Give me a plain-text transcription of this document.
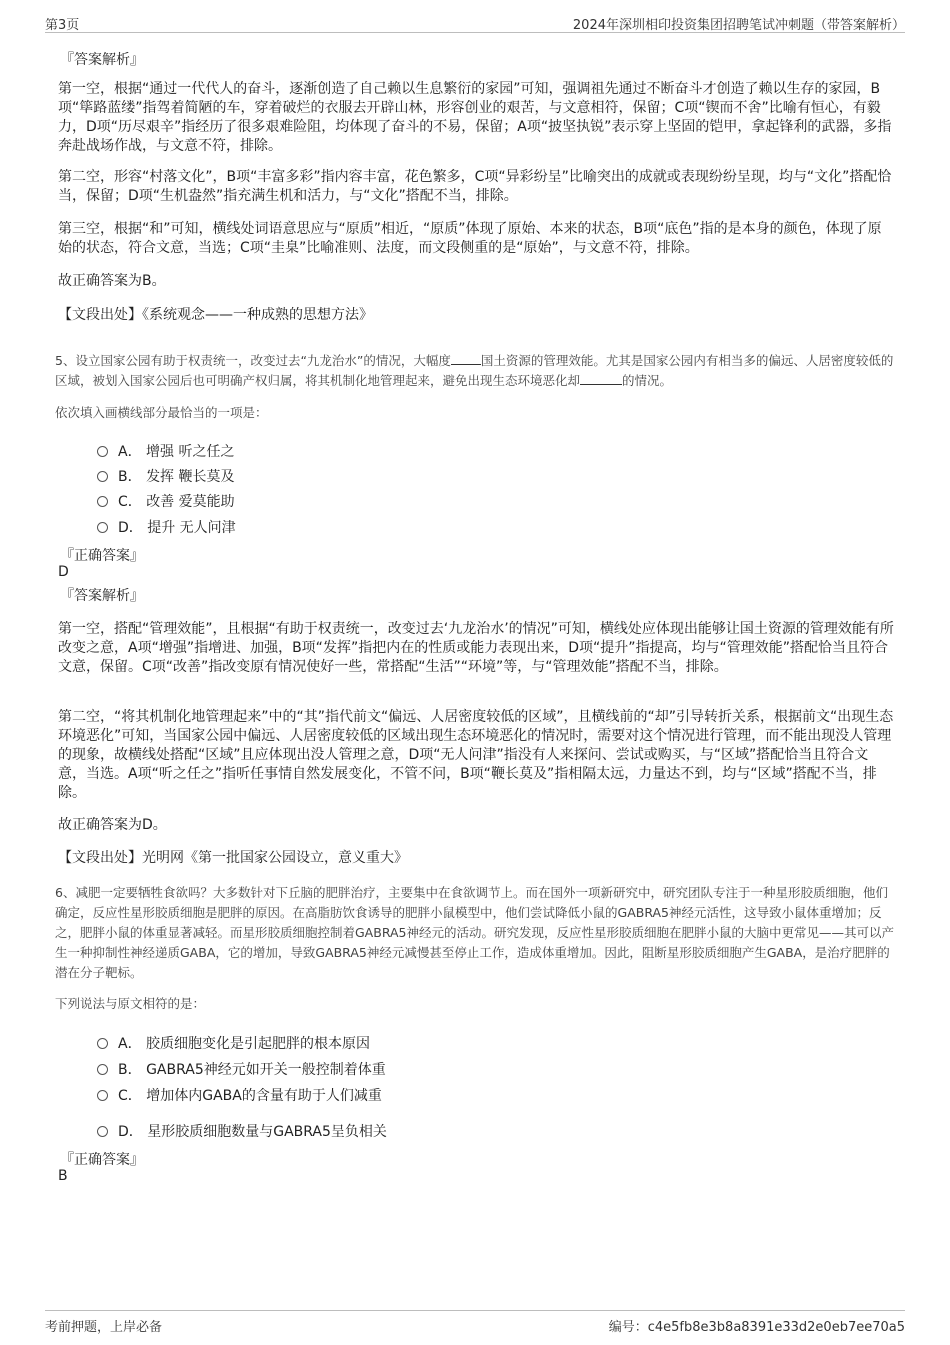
第3页	2024年深圳相印投资集团招聘笔试冲刺题（带答案解析）
『答案解析』

第一空，根据“通过一代代人的奋斗，逐渐创造了自己赖以生息繁衍的家园”可知，强调祖先通过不断奋斗才创造了赖以生存的家园，B项“筚路蓝缕”指驾着简陋的车，穿着破烂的衣服去开辟山林，形容创业的艰苦，与文意相符，保留；C项“锲而不舍”比喻有恒心，有毅力，D项“历尽艰辛”指经历了很多艰难险阻，均体现了奋斗的不易，保留；A项“披坚执锐”表示穿上坚固的铠甲，拿起锋利的武器，多指奔赴战场作战，与文意不符，排除。

第二空，形容“村落文化”，B项“丰富多彩”指内容丰富，花色繁多，C项“异彩纷呈”比喻突出的成就或表现纷纷呈现，均与“文化”搭配恰当，保留；D项“生机盎然”指充满生机和活力，与“文化”搭配不当，排除。

第三空，根据“和”可知，横线处词语意思应与“原质”相近，“原质”体现了原始、本来的状态，B项“底色”指的是本身的颜色，体现了原始的状态，符合文意，当选；C项“圭臬”比喻准则、法度，而文段侧重的是“原始”，与文意不符，排除。

故正确答案为B。

【文段出处】《系统观念——一种成熟的思想方法》

5、设立国家公园有助于权责统一，改变过去“九龙治水”的情况，大幅度 国土资源的管理效能。尤其是国家公园内有相当多的偏远、人居密度较低的区域，被划入国家公园后也可明确产权归属，将其机制化地管理起来，避免出现生态环境恶化却	的情况。
依次填入画横线部分最恰当的一项是：
A． 增强 听之任之
B． 发挥 鞭长莫及
C． 改善 爱莫能助
D． 提升 无人问津
『正确答案』
D
『答案解析』

第一空，搭配“管理效能”，且根据“有助于权责统一，改变过去‘九龙治水’的情况”可知，横线处应体现出能够让国土资源的管理效能有所改变之意，A项“增强”指增进、加强，B项“发挥”指把内在的性质或能力表现出来，D项“提升”指提高，均与“管理效能”搭配恰当且符合文意，保留。C项“改善”指改变原有情况使好一些，常搭配“生活”“环境”等，与“管理效能”搭配不当，排除。

第二空，“将其机制化地管理起来”中的“其”指代前文“偏远、人居密度较低的区域”，且横线前的“却”引导转折关系，根据前文“出现生态环境恶化”可知，当国家公园中偏远、人居密度较低的区域出现生态环境恶化的情况时，需要对这个情况进行管理，而不能出现没人管理的现象，故横线处搭配“区域”且应体现出没人管理之意，D项“无人问津”指没有人来探问、尝试或购买，与“区域”搭配恰当且符合文意，当选。A项“听之任之”指听任事情自然发展变化，不管不问，B项“鞭长莫及”指相隔太远，力量达不到，均与“区域”搭配不当，排除。

故正确答案为D。

【文段出处】光明网《第一批国家公园设立，意义重大》

6、减肥一定要牺牲食欲吗？大多数针对下丘脑的肥胖治疗，主要集中在食欲调节上。而在国外一项新研究中，研究团队专注于一种星形胶质细胞，他们确定，反应性星形胶质细胞是肥胖的原因。在高脂肪饮食诱导的肥胖小鼠模型中，他们尝试降低小鼠的GABRA5神经元活性，这导致小鼠体重增加；反之，肥胖小鼠的体重显著减轻。而星形胶质细胞控制着GABRA5神经元的活动。研究发现，反应性星形胶质细胞在肥胖小鼠的大脑中更常见——其可以产生一种抑制性神经递质GABA，它的增加，导致GABRA5神经元减慢甚至停止工作，造成体重增加。因此，阻断星形胶质细胞产生GABA，是治疗肥胖的潜在分子靶标。
下列说法与原文相符的是：
A． 胶质细胞变化是引起肥胖的根本原因
B． GABRA5神经元如开关一般控制着体重
C． 增加体内GABA的含量有助于人们减重
D． 星形胶质细胞数量与GABRA5呈负相关
『正确答案』
B
考前押题，上岸必备	编号：c4e5fb8e3b8a8391e33d2e0eb7ee70a5
